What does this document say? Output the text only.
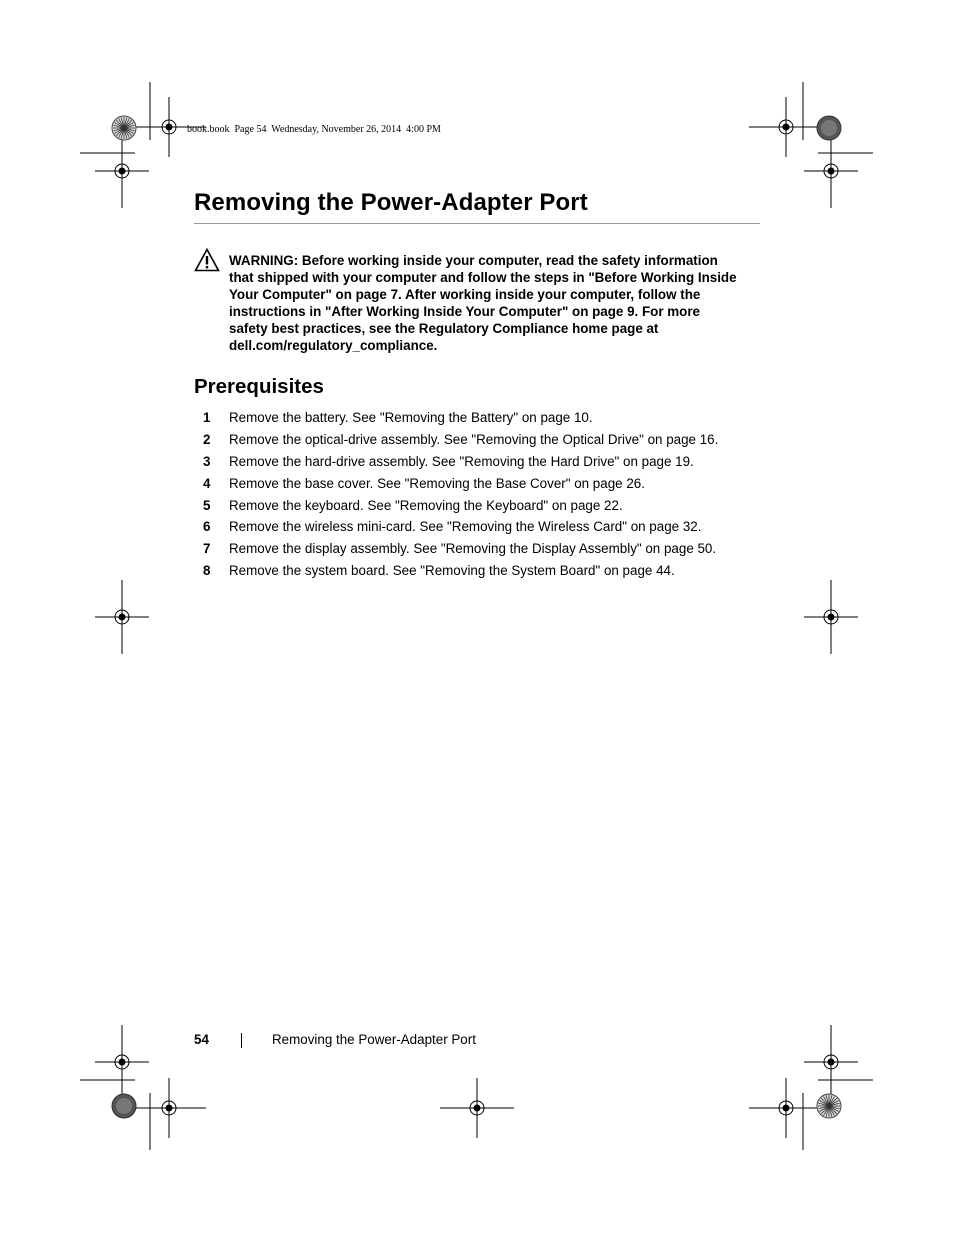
book.book  Page 54  Wednesday, November 26, 2014  4:00 PM
Removing the Power-Adapter Port
WARNING: Before working inside your computer, read the safety information
that shipped with your computer and follow the steps in "Before Working Inside
Your Computer" on page 7. After working inside your computer, follow the
instructions in "After Working Inside Your Computer" on page 9. For more
safety best practices, see the Regulatory Compliance home page at
dell.com/regulatory_compliance.
Prerequisites
1 Remove the battery. See "Removing the Battery" on page 10.
2 Remove the optical-drive assembly. See "Removing the Optical Drive" on page 16.
3 Remove the hard-drive assembly. See "Removing the Hard Drive" on page 19.
4 Remove the base cover. See "Removing the Base Cover" on page 26.
5 Remove the keyboard. See "Removing the Keyboard" on page 22.
6 Remove the wireless mini-card. See "Removing the Wireless Card" on page 32.
7 Remove the display assembly. See "Removing the Display Assembly" on page 50.
8 Remove the system board. See "Removing the System Board" on page 44.
54	Removing the Power-Adapter Port
